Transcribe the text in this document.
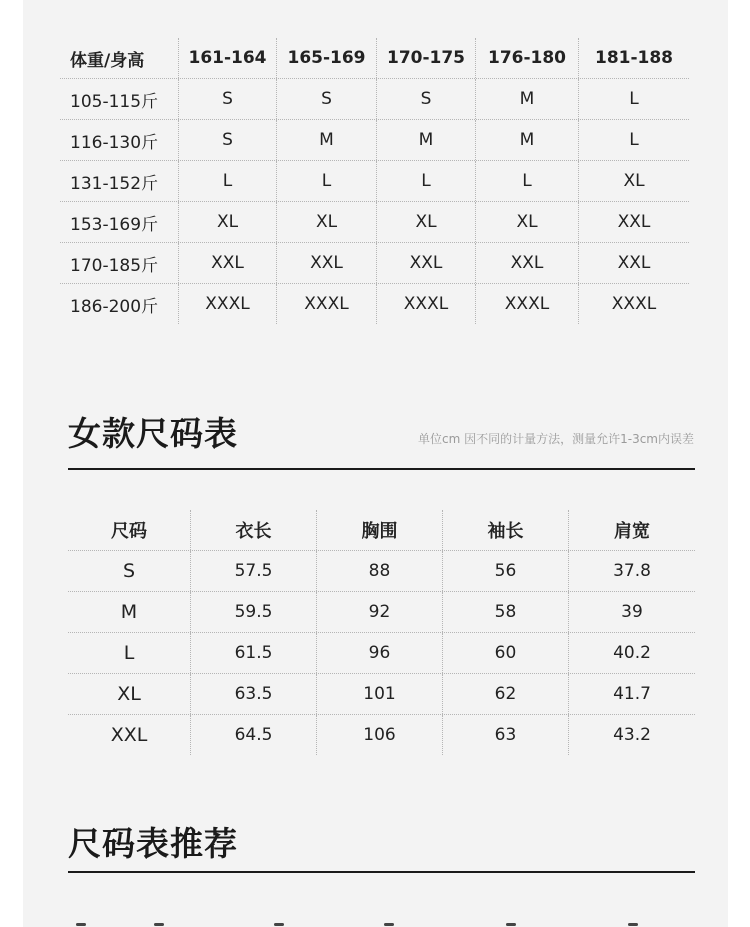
体重/身高	161-164	165-169	170-175	176-180	181-188
105-115斤	S	S	S	M	L
116-130斤	S	M	M	M	L
131-152斤	L	L	L	L	XL
153-169斤	XL	XL	XL	XL	XXL
170-185斤	XXL	XXL	XXL	XXL	XXL
186-200斤	XXXL	XXXL	XXXL	XXXL	XXXL
女款尺码表	单位cm 因不同的计量方法，测量允许1-3cm内误差
尺码	衣长	胸围	袖长	肩宽
S	57.5	88	56	37.8
M	59.5	92	58	39
L	61.5	96	60	40.2
XL	63.5	101	62	41.7
XXL	64.5	106	63	43.2
尺码表推荐
